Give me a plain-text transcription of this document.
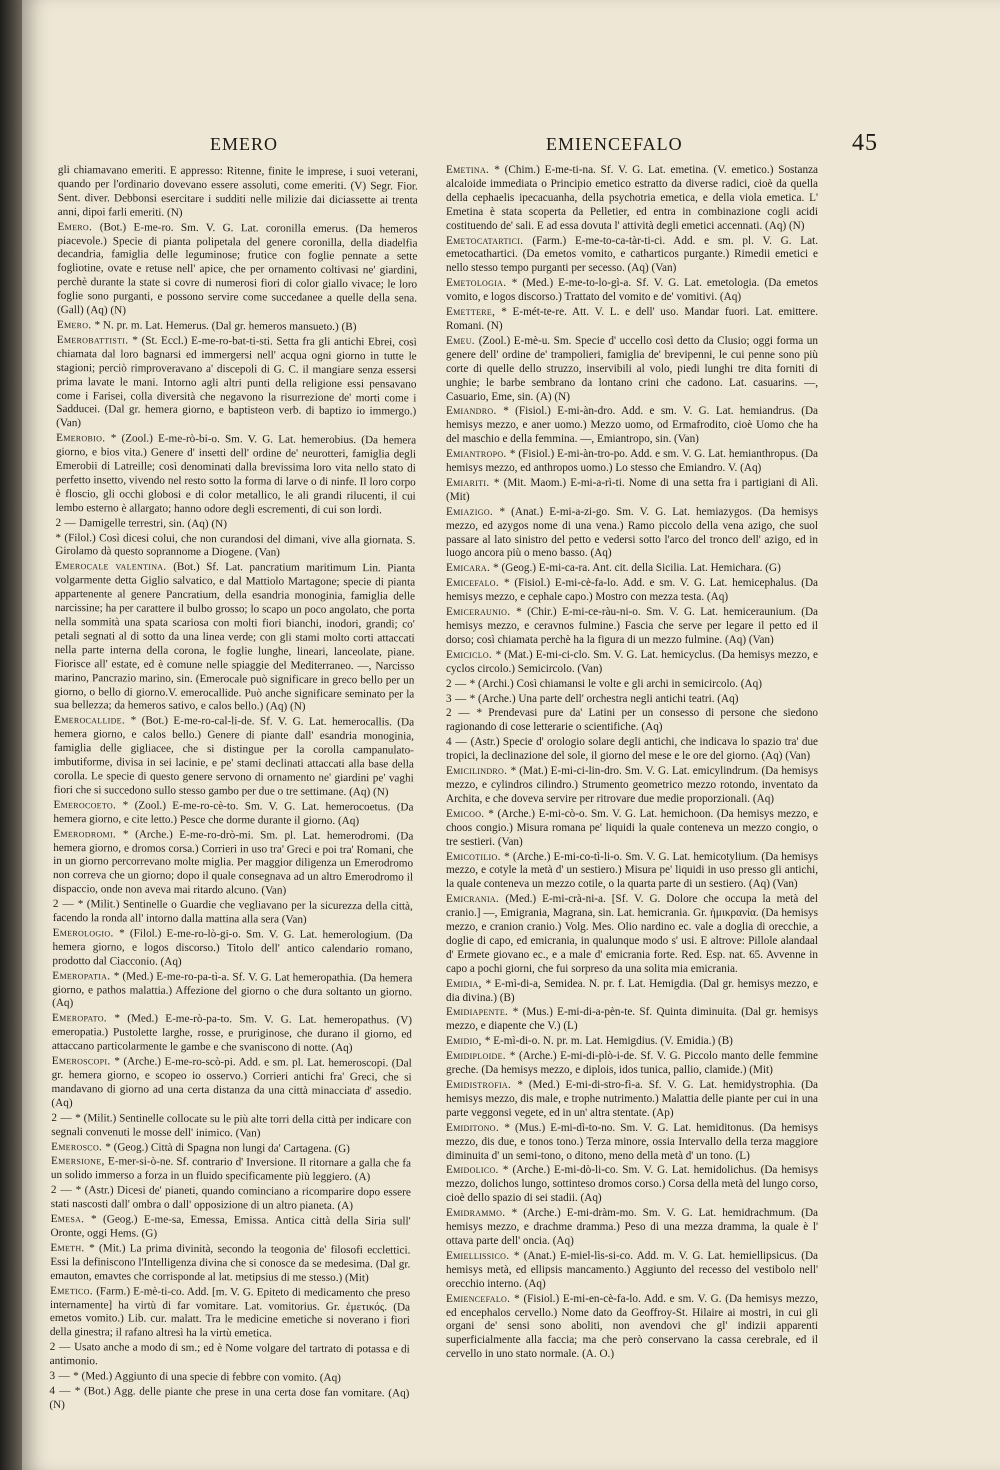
EMERO	EMIENCEFALO	45

gli chiamavano emeriti. E appresso: Ritenne, finite le imprese, i suoi veterani, quando per l'ordinario dovevano essere assoluti, come emeriti. (V) Segr. Fior. Sent. diver. Debbonsi esercitare i sudditi nelle milizie dai diciassette ai trenta anni, dipoi farli emeriti. (N)

Emero. (Bot.) E-me-ro. Sm. V. G. Lat. coronilla emerus. (Da hemeros piacevole.) Specie di pianta polipetala del genere coronilla, della diadelfia decandria, famiglia delle leguminose; frutice con foglie pennate a sette fogliotine, ovate e retuse nell' apice, che per ornamento coltivasi ne' giardini, perchè durante la state si covre di numerosi fiori di color giallo vivace; le loro foglie sono purganti, e possono servire come succedanee a quelle della sena. (Gall) (Aq) (N)

Emero. * N. pr. m. Lat. Hemerus. (Dal gr. hemeros mansueto.) (B)

Emerobattisti. * (St. Eccl.) E-me-ro-bat-ti-sti. Setta fra gli antichi Ebrei, così chiamata dal loro bagnarsi ed immergersi nell' acqua ogni giorno in tutte le stagioni; perciò rimproveravano a' discepoli di G. C. il mangiare senza essersi prima lavate le mani. Intorno agli altri punti della religione essi pensavano come i Farisei, colla diversità che negavono la risurrezione de' morti come i Sadducei. (Dal gr. hemera giorno, e baptisteon verb. di baptizo io immergo.) (Van)

Emerobio. * (Zool.) E-me-rò-bi-o. Sm. V. G. Lat. hemerobius. (Da hemera giorno, e bios vita.) Genere d' insetti dell' ordine de' neurotteri, famiglia degli Emerobii di Latreille; così denominati dalla brevissima loro vita nello stato di perfetto insetto, vivendo nel resto sotto la forma di larve o di ninfe. Il loro corpo è floscio, gli occhi globosi e di color metallico, le ali grandi rilucenti, il cui lembo esterno è allargato; hanno odore degli escrementi, di cui son lordi.

2 — Damigelle terrestri, sin. (Aq) (N)

* (Filol.) Così dicesi colui, che non curandosi del dimani, vive alla giornata. S. Girolamo dà questo soprannome a Diogene. (Van)

Emerocale valentina. (Bot.) Sf. Lat. pancratium maritimum Lin. Pianta volgarmente detta Giglio salvatico, e dal Mattiolo Martagone; specie di pianta appartenente al genere Pancratium, della esandria monoginia, famiglia delle narcissine; ha per carattere il bulbo grosso; lo scapo un poco angolato, che porta nella sommità una spata scariosa con molti fiori bianchi, inodori, grandi; co' petali segnati al di sotto da una linea verde; con gli stami molto corti attaccati nella parte interna della corona, le foglie lunghe, lineari, lanceolate, piane. Fiorisce all' estate, ed è comune nelle spiaggie del Mediterraneo. —, Narcisso marino, Pancrazio marino, sin. (Emerocale può significare in greco bello per un giorno, o bello di giorno.V. emerocallide. Può anche significare seminato per la sua bellezza; da hemeros sativo, e calos bello.) (Aq) (N)

Emerocallide. * (Bot.) E-me-ro-cal-li-de. Sf. V. G. Lat. hemerocallis. (Da hemera giorno, e calos bello.) Genere di piante dall' esandria monoginia, famiglia delle gigliacee, che si distingue per la corolla campanulato-imbutiforme, divisa in sei lacinie, e pe' stami declinati attaccati alla base della corolla. Le specie di questo genere servono di ornamento ne' giardini pe' vaghi fiori che si succedono sullo stesso gambo per due o tre settimane. (Aq) (N)

Emerocoeto. * (Zool.) E-me-ro-cè-to. Sm. V. G. Lat. hemerocoetus. (Da hemera giorno, e cite letto.) Pesce che dorme durante il giorno. (Aq)

Emerodromi. * (Arche.) E-me-ro-drò-mi. Sm. pl. Lat. hemerodromi. (Da hemera giorno, e dromos corsa.) Corrieri in uso tra' Greci e poi tra' Romani, che in un giorno percorrevano molte miglia. Per maggior diligenza un Emerodromo non correva che un giorno; dopo il quale consegnava ad un altro Emerodromo il dispaccio, onde non aveva mai ritardo alcuno. (Van)

2 — * (Milit.) Sentinelle o Guardie che vegliavano per la sicurezza della città, facendo la ronda all' intorno dalla mattina alla sera (Van)

Emerologio. * (Filol.) E-me-ro-lò-gi-o. Sm. V. G. Lat. hemerologium. (Da hemera giorno, e logos discorso.) Titolo dell' antico calendario romano, prodotto dal Ciacconio. (Aq)

Emeropatia. * (Med.) E-me-ro-pa-tì-a. Sf. V. G. Lat hemeropathia. (Da hemera giorno, e pathos malattia.) Affezione del giorno o che dura soltanto un giorno. (Aq)

Emeropato. * (Med.) E-me-rò-pa-to. Sm. V. G. Lat. hemeropathus. (V) emeropatia.) Pustolette larghe, rosse, e pruriginose, che durano il giorno, ed attaccano particolarmente le gambe e che svaniscono di notte. (Aq)

Emeroscopi. * (Arche.) E-me-ro-scò-pi. Add. e sm. pl. Lat. hemeroscopi. (Dal gr. hemera giorno, e scopeo io osservo.) Corrieri antichi fra' Greci, che si mandavano di giorno ad una certa distanza da una città minacciata d' assedio. (Aq)

2 — * (Milit.) Sentinelle collocate su le più alte torri della città per indicare con segnali convenuti le mosse dell' inimico. (Van)

Emerosco. * (Geog.) Città di Spagna non lungi da' Cartagena. (G)

Emersione, E-mer-si-ò-ne. Sf. contrario d' Inversione. Il ritornare a galla che fa un solido immerso a forza in un fluido specificamente più leggiero. (A)

2 — * (Astr.) Dicesi de' pianeti, quando cominciano a ricomparire dopo essere stati nascosti dall' ombra o dall' opposizione di un altro pianeta. (A)

Emesa. * (Geog.) E-me-sa, Emessa, Emissa. Antica città della Siria sull' Oronte, oggi Hems. (G)

Emeth. * (Mit.) La prima divinità, secondo la teogonia de' filosofi ecclettici. Essi la definiscono l'Intelligenza divina che si conosce da se medesima. (Dal gr. emauton, emavtes che corrisponde al lat. metipsius di me stesso.) (Mit)

Emetico. (Farm.) E-mè-ti-co. Add. [m. V. G. Epiteto di medicamento che preso internamente] ha virtù di far vomitare. Lat. vomitorius. Gr. ἐμετικός. (Da emetos vomito.) Lib. cur. malatt. Tra le medicine emetiche si noverano i fiori della ginestra; il rafano altresì ha la virtù emetica.

2 — Usato anche a modo di sm.; ed è Nome volgare del tartrato di potassa e di antimonio.

3 — * (Med.) Aggiunto di una specie di febbre con vomito. (Aq)

4 — * (Bot.) Agg. delle piante che prese in una certa dose fan vomitare. (Aq) (N)

Emetina. * (Chim.) E-me-ti-na. Sf. V. G. Lat. emetina. (V. emetico.) Sostanza alcaloide immediata o Principio emetico estratto da diverse radici, cioè da quella della cephaelis ipecacuanha, della psychotria emetica, e della viola emetica. L' Emetina è stata scoperta da Pelletier, ed entra in combinazione cogli acidi costituendo de' sali. E ad essa dovuta l' attività degli emetici accennati. (Aq) (N)

Emetocatartici. (Farm.) E-me-to-ca-tàr-ti-ci. Add. e sm. pl. V. G. Lat. emetocathartici. (Da emetos vomito, e catharticos purgante.) Rimedii emetici e nello stesso tempo purganti per secesso. (Aq) (Van)

Emetologia. * (Med.) E-me-to-lo-gì-a. Sf. V. G. Lat. emetologia. (Da emetos vomito, e logos discorso.) Trattato del vomito e de' vomitivi. (Aq)

Emettere, * E-mét-te-re. Att. V. L. e dell' uso. Mandar fuori. Lat. emittere. Romani. (N)

Emeu. (Zool.) E-mè-u. Sm. Specie d' uccello così detto da Clusio; oggi forma un genere dell' ordine de' trampolieri, famiglia de' brevipenni, le cui penne sono più corte di quelle dello struzzo, inservibili al volo, piedi lunghi tre dita forniti di unghie; le barbe sembrano da lontano crini che cadono. Lat. casuarins. —, Casuario, Eme, sin. (A) (N)

Emiandro. * (Fisiol.) E-mi-àn-dro. Add. e sm. V. G. Lat. hemiandrus. (Da hemisys mezzo, e aner uomo.) Mezzo uomo, od Ermafrodito, cioè Uomo che ha del maschio e della femmina. —, Emiantropo, sin. (Van)

Emiantropo. * (Fisiol.) E-mi-àn-tro-po. Add. e sm. V. G. Lat. hemianthropus. (Da hemisys mezzo, ed anthropos uomo.) Lo stesso che Emiandro. V. (Aq)

Emiariti. * (Mit. Maom.) E-mi-a-rì-ti. Nome di una setta fra i partigiani di Alì. (Mit)

Emiazigo. * (Anat.) E-mi-a-zi-go. Sm. V. G. Lat. hemiazygos. (Da hemisys mezzo, ed azygos nome di una vena.) Ramo piccolo della vena azigo, che suol passare al lato sinistro del petto e vedersi sotto l'arco del tronco dell' azigo, ed in luogo ancora più o meno basso. (Aq)

Emicara. * (Geog.) E-mi-ca-ra. Ant. cit. della Sicilia. Lat. Hemichara. (G)

Emicefalo. * (Fisiol.) E-mi-cè-fa-lo. Add. e sm. V. G. Lat. hemicephalus. (Da hemisys mezzo, e cephale capo.) Mostro con mezza testa. (Aq)

Emiceraunio. * (Chir.) E-mi-ce-ràu-ni-o. Sm. V. G. Lat. hemiceraunium. (Da hemisys mezzo, e ceravnos fulmine.) Fascia che serve per legare il petto ed il dorso; così chiamata perchè ha la figura di un mezzo fulmine. (Aq) (Van)

Emiciclo. * (Mat.) E-mi-ci-clo. Sm. V. G. Lat. hemicyclus. (Da hemisys mezzo, e cyclos circolo.) Semicircolo. (Van)

2 — * (Archi.) Così chiamansi le volte e gli archi in semicircolo. (Aq)

3 — * (Arche.) Una parte dell' orchestra negli antichi teatri. (Aq)

2 — * Prendevasi pure da' Latini per un consesso di persone che siedono ragionando di cose letterarie o scientifiche. (Aq)

4 — (Astr.) Specie d' orologio solare degli antichi, che indicava lo spazio tra' due tropici, la declinazione del sole, il giorno del mese e le ore del giorno. (Aq) (Van)

Emicilindro. * (Mat.) E-mi-ci-lin-dro. Sm. V. G. Lat. emicylindrum. (Da hemisys mezzo, e cylindros cilindro.) Strumento geometrico mezzo rotondo, inventato da Archita, e che doveva servire per ritrovare due medie proporzionali. (Aq)

Emicoo. * (Arche.) E-mi-cò-o. Sm. V. G. Lat. hemichoon. (Da hemisys mezzo, e choos congio.) Misura romana pe' liquidi la quale conteneva un mezzo congio, o tre sestieri. (Van)

Emicotilio. * (Arche.) E-mi-co-tì-li-o. Sm. V. G. Lat. hemicotylium. (Da hemisys mezzo, e cotyle la metà d' un sestiero.) Misura pe' liquidi in uso presso gli antichi, la quale conteneva un mezzo cotile, o la quarta parte di un sestiero. (Aq) (Van)

Emicrania. (Med.) E-mi-crà-ni-a. [Sf. V. G. Dolore che occupa la metà del cranio.] —, Emigrania, Magrana, sin. Lat. hemicrania. Gr. ἡμικρανία. (Da hemisys mezzo, e cranion cranio.) Volg. Mes. Olio nardino ec. vale a doglia di orecchie, a doglie di capo, ed emicrania, in qualunque modo s' usi. E altrove: Pillole alandaal d' Ermete giovano ec., e a male d' emicrania forte. Red. Esp. nat. 65. Avvenne in capo a pochi giorni, che fui sorpreso da una solita mia emicrania.

Emidia, * E-mì-di-a, Semidea. N. pr. f. Lat. Hemigdia. (Dal gr. hemisys mezzo, e dia divina.) (B)

Emidiapente. * (Mus.) E-mi-di-a-pèn-te. Sf. Quinta diminuita. (Dal gr. hemisys mezzo, e diapente che V.) (L)

Emidio, * E-mì-di-o. N. pr. m. Lat. Hemigdius. (V. Emidia.) (B)

Emidiploide. * (Arche.) E-mi-di-plò-i-de. Sf. V. G. Piccolo manto delle femmine greche. (Da hemisys mezzo, e diplois, idos tunica, pallio, clamide.) (Mit)

Emidistrofia. * (Med.) E-mi-di-stro-fì-a. Sf. V. G. Lat. hemidystrophia. (Da hemisys mezzo, dis male, e trophe nutrimento.) Malattia delle piante per cui in una parte veggonsi vegete, ed in un' altra stentate. (Ap)

Emiditono. * (Mus.) E-mi-dì-to-no. Sm. V. G. Lat. hemiditonus. (Da hemisys mezzo, dis due, e tonos tono.) Terza minore, ossia Intervallo della terza maggiore diminuita d' un semi-tono, o ditono, meno della metà d' un tono. (L)

Emidolico. * (Arche.) E-mi-dò-li-co. Sm. V. G. Lat. hemidolichus. (Da hemisys mezzo, dolichos lungo, sottinteso dromos corso.) Corsa della metà del lungo corso, cioè dello spazio di sei stadii. (Aq)

Emidrammo. * (Arche.) E-mi-dràm-mo. Sm. V. G. Lat. hemidrachmum. (Da hemisys mezzo, e drachme dramma.) Peso di una mezza dramma, la quale è l' ottava parte dell' oncia. (Aq)

Emiellissico. * (Anat.) E-miel-lìs-si-co. Add. m. V. G. Lat. hemiellipsicus. (Da hemisys metà, ed ellipsis mancamento.) Aggiunto del recesso del vestibolo nell' orecchio interno. (Aq)

Emiencefalo. * (Fisiol.) E-mi-en-cè-fa-lo. Add. e sm. V. G. (Da hemisys mezzo, ed encephalos cervello.) Nome dato da Geoffroy-St. Hilaire ai mostri, in cui gli organi de' sensi sono aboliti, non avendovi che gl' indizii apparenti superficialmente alla faccia; ma che però conservano la cassa cerebrale, ed il cervello in uno stato normale. (A. O.)
